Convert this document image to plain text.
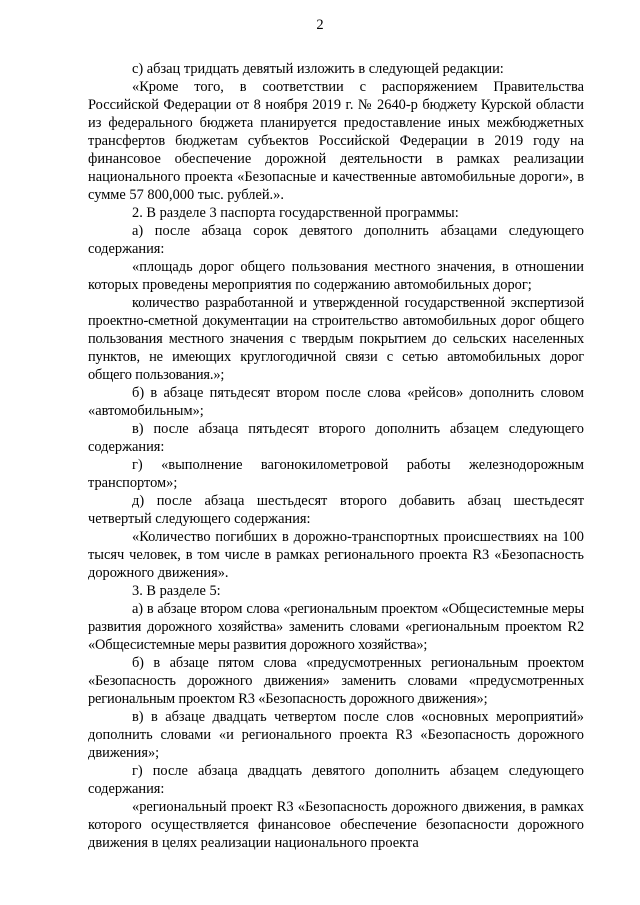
2

с) абзац тридцать девятый изложить в следующей редакции:

«Кроме того, в соответствии с распоряжением Правительства Российской Федерации от 8 ноября 2019 г. № 2640-р бюджету Курской области из федерального бюджета планируется предоставление иных межбюджетных трансфертов бюджетам субъектов Российской Федерации в 2019 году на финансовое обеспечение дорожной деятельности в рамках реализации национального проекта «Безопасные и качественные автомобильные дороги», в сумме 57 800,000 тыс. рублей.».

2. В разделе 3 паспорта государственной программы:

а) после абзаца сорок девятого дополнить абзацами следующего содержания:

«площадь дорог общего пользования местного значения, в отношении которых проведены мероприятия по содержанию автомобильных дорог;

количество разработанной и утвержденной государственной экспертизой проектно-сметной документации на строительство автомобильных дорог общего пользования местного значения с твердым покрытием до сельских населенных пунктов, не имеющих круглогодичной связи с сетью автомобильных дорог общего пользования.»;

б) в абзаце пятьдесят втором после слова «рейсов» дополнить словом «автомобильным»;

в) после абзаца пятьдесят второго дополнить абзацем следующего содержания:

г) «выполнение вагонокилометровой работы железнодорожным транспортом»;

д) после абзаца шестьдесят второго добавить абзац шестьдесят четвертый следующего содержания:

«Количество погибших в дорожно-транспортных происшествиях на 100 тысяч человек, в том числе в рамках регионального проекта R3 «Безопасность дорожного движения».

3. В разделе 5:

а) в абзаце втором слова «региональным проектом «Общесистемные меры развития дорожного хозяйства» заменить словами «региональным проектом R2 «Общесистемные меры развития дорожного хозяйства»;

б) в абзаце пятом слова «предусмотренных региональным проектом «Безопасность дорожного движения» заменить словами «предусмотренных региональным проектом R3 «Безопасность дорожного движения»;

в) в абзаце двадцать четвертом после слов «основных мероприятий» дополнить словами «и регионального проекта R3 «Безопасность дорожного движения»;

г) после абзаца двадцать девятого дополнить абзацем следующего содержания:

«региональный проект R3 «Безопасность дорожного движения, в рамках которого осуществляется финансовое обеспечение безопасности дорожного движения в целях реализации национального проекта
